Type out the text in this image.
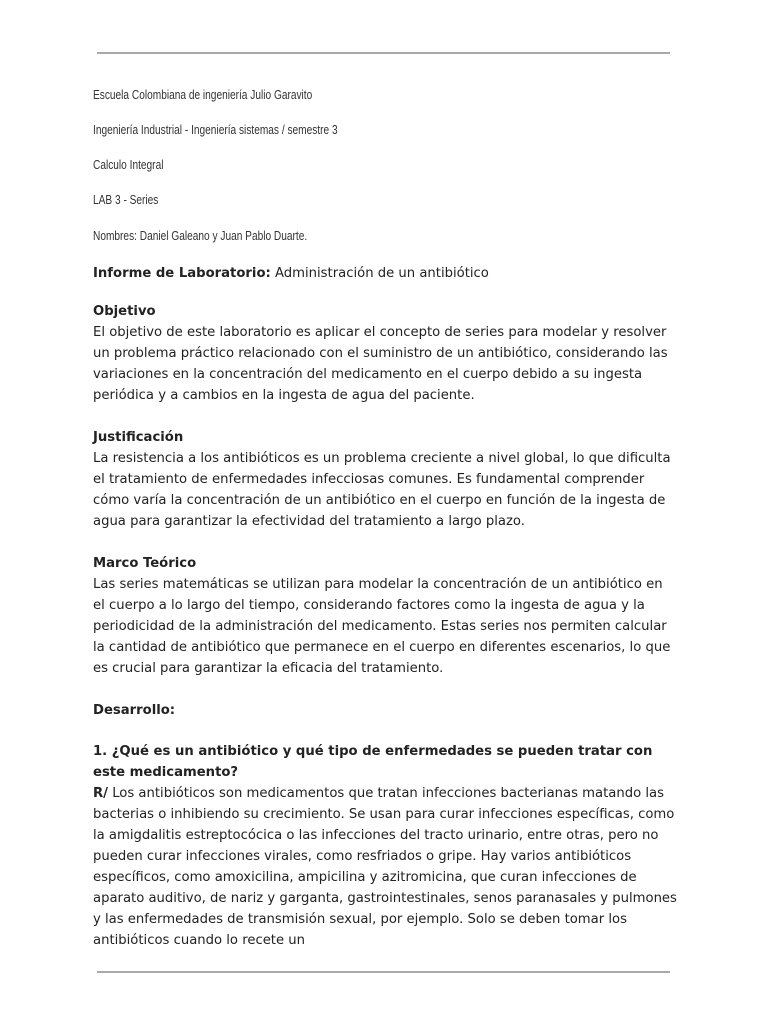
Escuela Colombiana de ingeniería Julio Garavito
Ingeniería Industrial - Ingeniería sistemas / semestre 3
Calculo Integral
LAB 3 - Series
Nombres: Daniel Galeano y Juan Pablo Duarte.

Informe de Laboratorio: Administración de un antibiótico

Objetivo

El objetivo de este laboratorio es aplicar el concepto de series para modelar y resolver un problema práctico relacionado con el suministro de un antibiótico, considerando las variaciones en la concentración del medicamento en el cuerpo debido a su ingesta periódica y a cambios en la ingesta de agua del paciente.

Justificación

La resistencia a los antibióticos es un problema creciente a nivel global, lo que dificulta el tratamiento de enfermedades infecciosas comunes. Es fundamental comprender cómo varía la concentración de un antibiótico en el cuerpo en función de la ingesta de agua para garantizar la efectividad del tratamiento a largo plazo.

Marco Teórico

Las series matemáticas se utilizan para modelar la concentración de un antibiótico en el cuerpo a lo largo del tiempo, considerando factores como la ingesta de agua y la periodicidad de la administración del medicamento. Estas series nos permiten calcular la cantidad de antibiótico que permanece en el cuerpo en diferentes escenarios, lo que es crucial para garantizar la eficacia del tratamiento.

Desarrollo:

1. ¿Qué es un antibiótico y qué tipo de enfermedades se pueden tratar con este medicamento?

R/ Los antibióticos son medicamentos que tratan infecciones bacterianas matando las bacterias o inhibiendo su crecimiento. Se usan para curar infecciones específicas, como la amigdalitis estreptocócica o las infecciones del tracto urinario, entre otras, pero no pueden curar infecciones virales, como resfriados o gripe. Hay varios antibióticos específicos, como amoxicilina, ampicilina y azitromicina, que curan infecciones de aparato auditivo, de nariz y garganta, gastrointestinales, senos paranasales y pulmones y las enfermedades de transmisión sexual, por ejemplo. Solo se deben tomar los antibióticos cuando lo recete un
